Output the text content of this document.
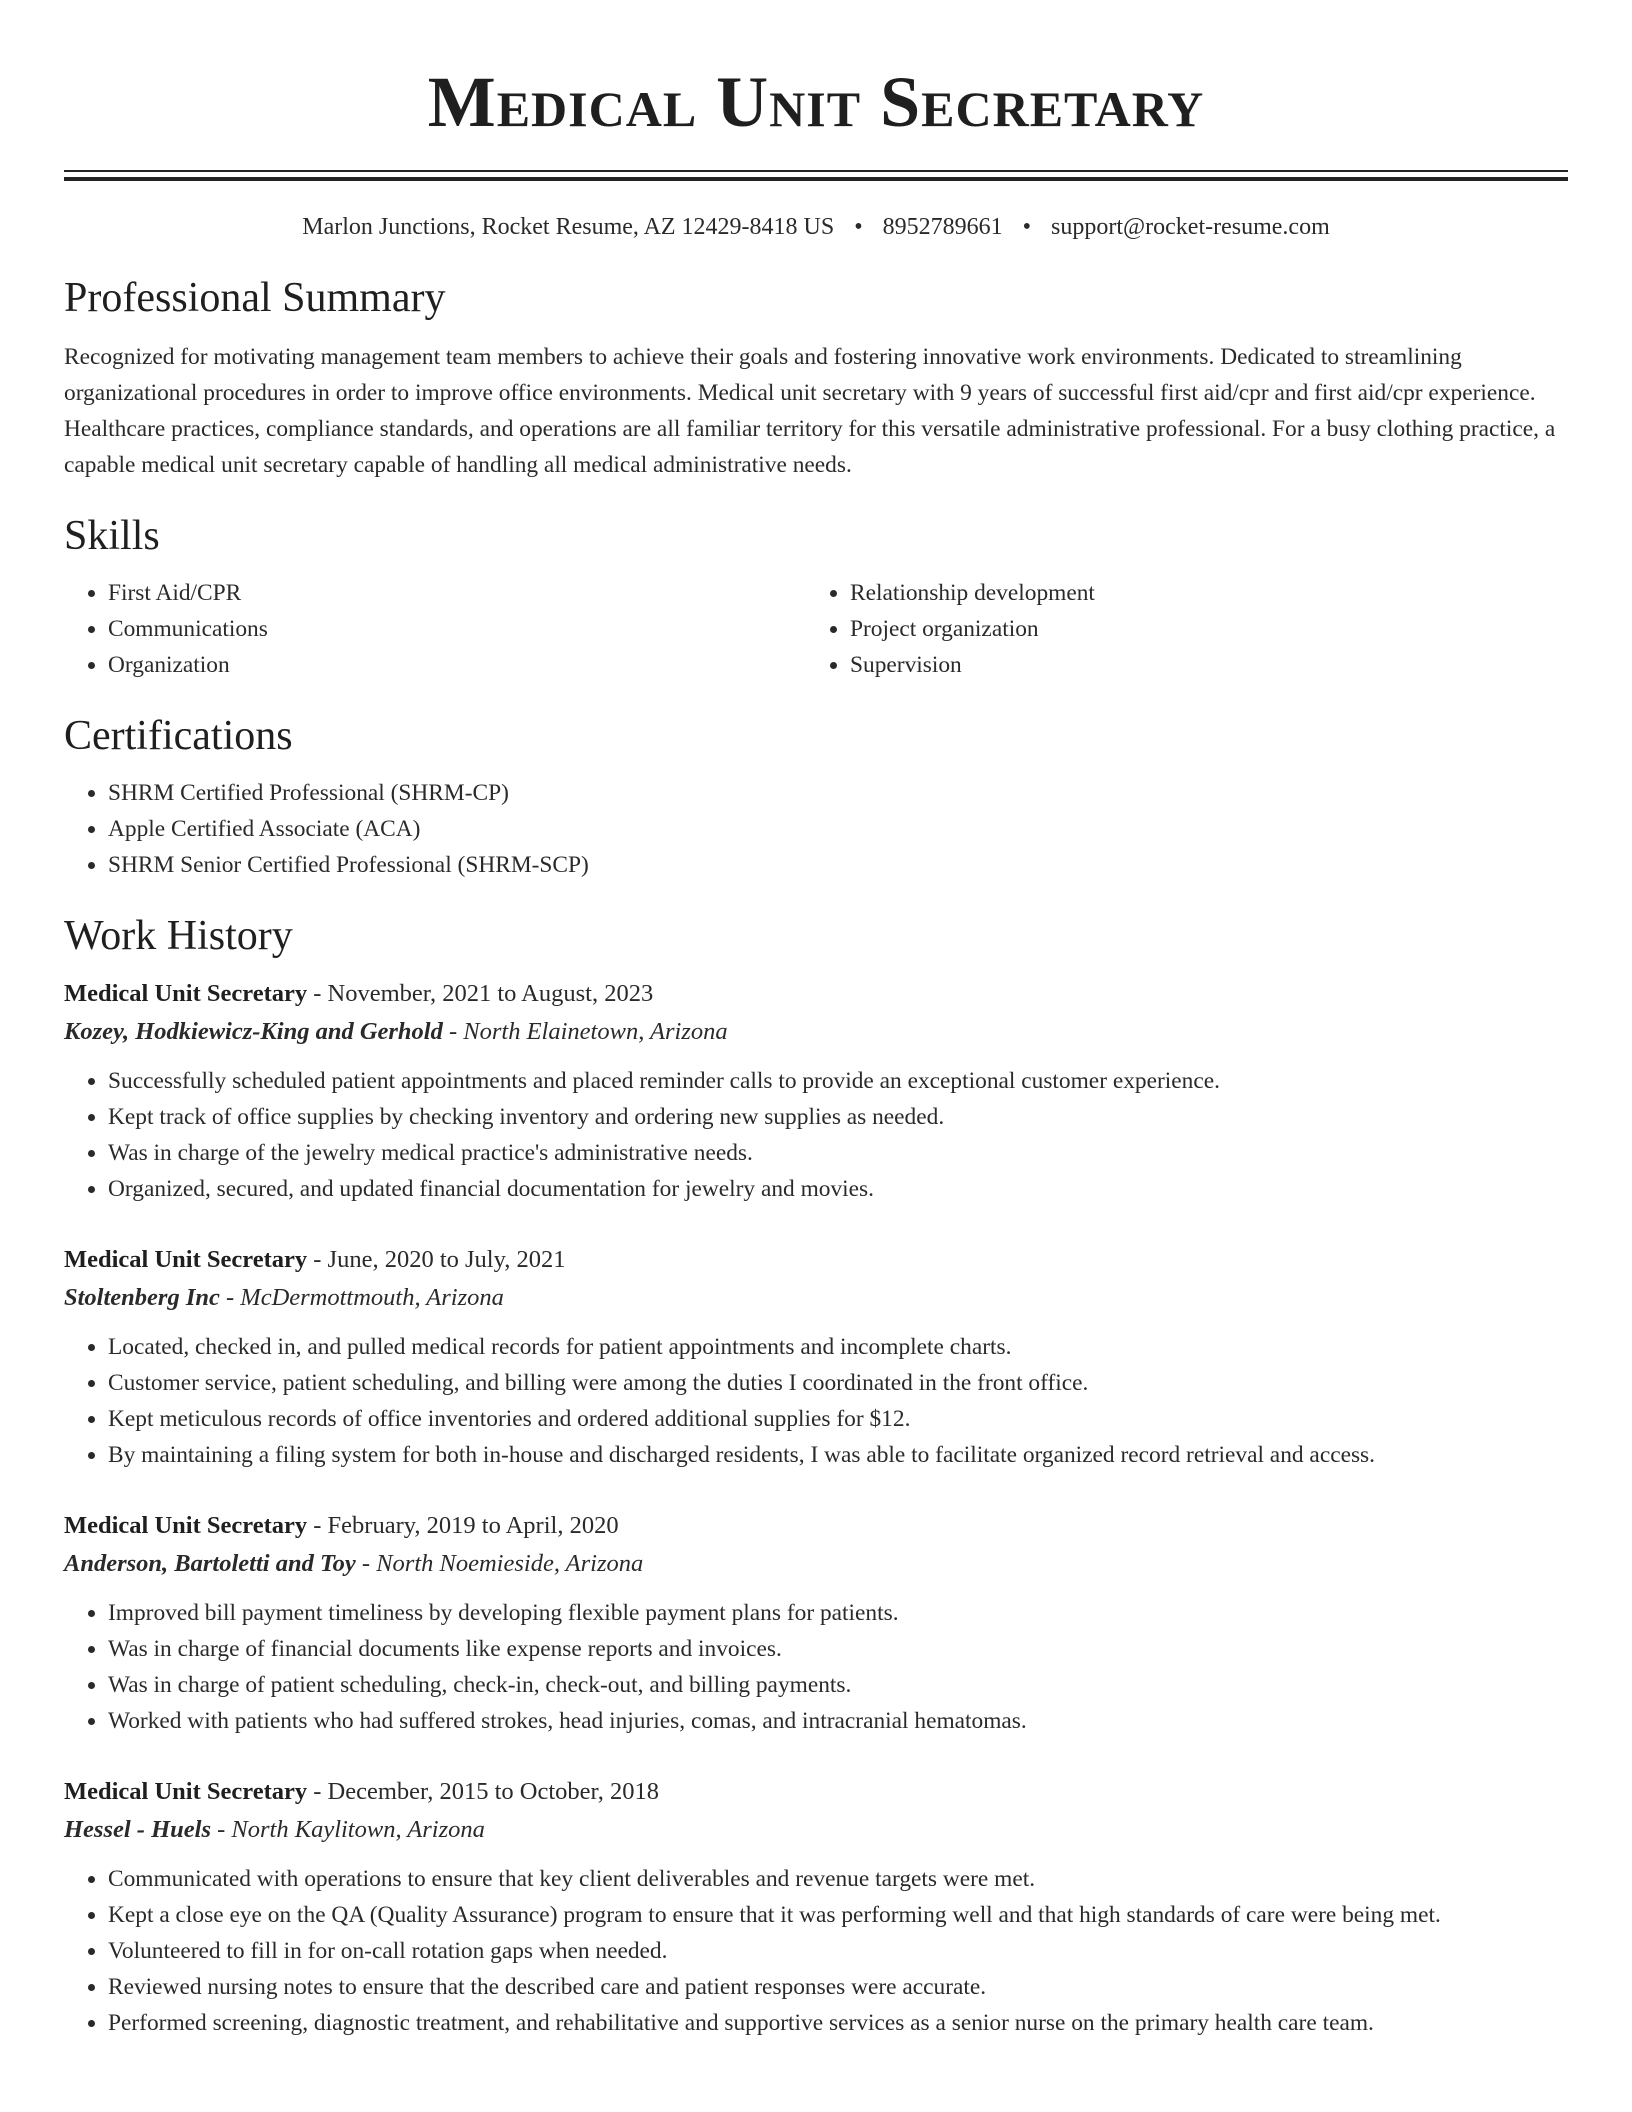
Medical Unit Secretary
Marlon Junctions, Rocket Resume, AZ 12429-8418 US • 8952789661 • support@rocket-resume.com
Professional Summary

Recognized for motivating management team members to achieve their goals and fostering innovative work environments. Dedicated to streamlining organizational procedures in order to improve office environments. Medical unit secretary with 9 years of successful first aid/cpr and first aid/cpr experience. Healthcare practices, compliance standards, and operations are all familiar territory for this versatile administrative professional. For a busy clothing practice, a capable medical unit secretary capable of handling all medical administrative needs.

Skills
• First Aid/CPR
• Communications
• Organization
• Relationship development
• Project organization
• Supervision
Certifications
• SHRM Certified Professional (SHRM-CP)
• Apple Certified Associate (ACA)
• SHRM Senior Certified Professional (SHRM-SCP)
Work History
Medical Unit Secretary - November, 2021 to August, 2023
Kozey, Hodkiewicz-King and Gerhold - North Elainetown, Arizona
• Successfully scheduled patient appointments and placed reminder calls to provide an exceptional customer experience.
• Kept track of office supplies by checking inventory and ordering new supplies as needed.
• Was in charge of the jewelry medical practice's administrative needs.
• Organized, secured, and updated financial documentation for jewelry and movies.
Medical Unit Secretary - June, 2020 to July, 2021
Stoltenberg Inc - McDermottmouth, Arizona
• Located, checked in, and pulled medical records for patient appointments and incomplete charts.
• Customer service, patient scheduling, and billing were among the duties I coordinated in the front office.
• Kept meticulous records of office inventories and ordered additional supplies for $12.
• By maintaining a filing system for both in-house and discharged residents, I was able to facilitate organized record retrieval and access.
Medical Unit Secretary - February, 2019 to April, 2020
Anderson, Bartoletti and Toy - North Noemieside, Arizona
• Improved bill payment timeliness by developing flexible payment plans for patients.
• Was in charge of financial documents like expense reports and invoices.
• Was in charge of patient scheduling, check-in, check-out, and billing payments.
• Worked with patients who had suffered strokes, head injuries, comas, and intracranial hematomas.
Medical Unit Secretary - December, 2015 to October, 2018
Hessel - Huels - North Kaylitown, Arizona
• Communicated with operations to ensure that key client deliverables and revenue targets were met.
• Kept a close eye on the QA (Quality Assurance) program to ensure that it was performing well and that high standards of care were being met.
• Volunteered to fill in for on-call rotation gaps when needed.
• Reviewed nursing notes to ensure that the described care and patient responses were accurate.
• Performed screening, diagnostic treatment, and rehabilitative and supportive services as a senior nurse on the primary health care team.
